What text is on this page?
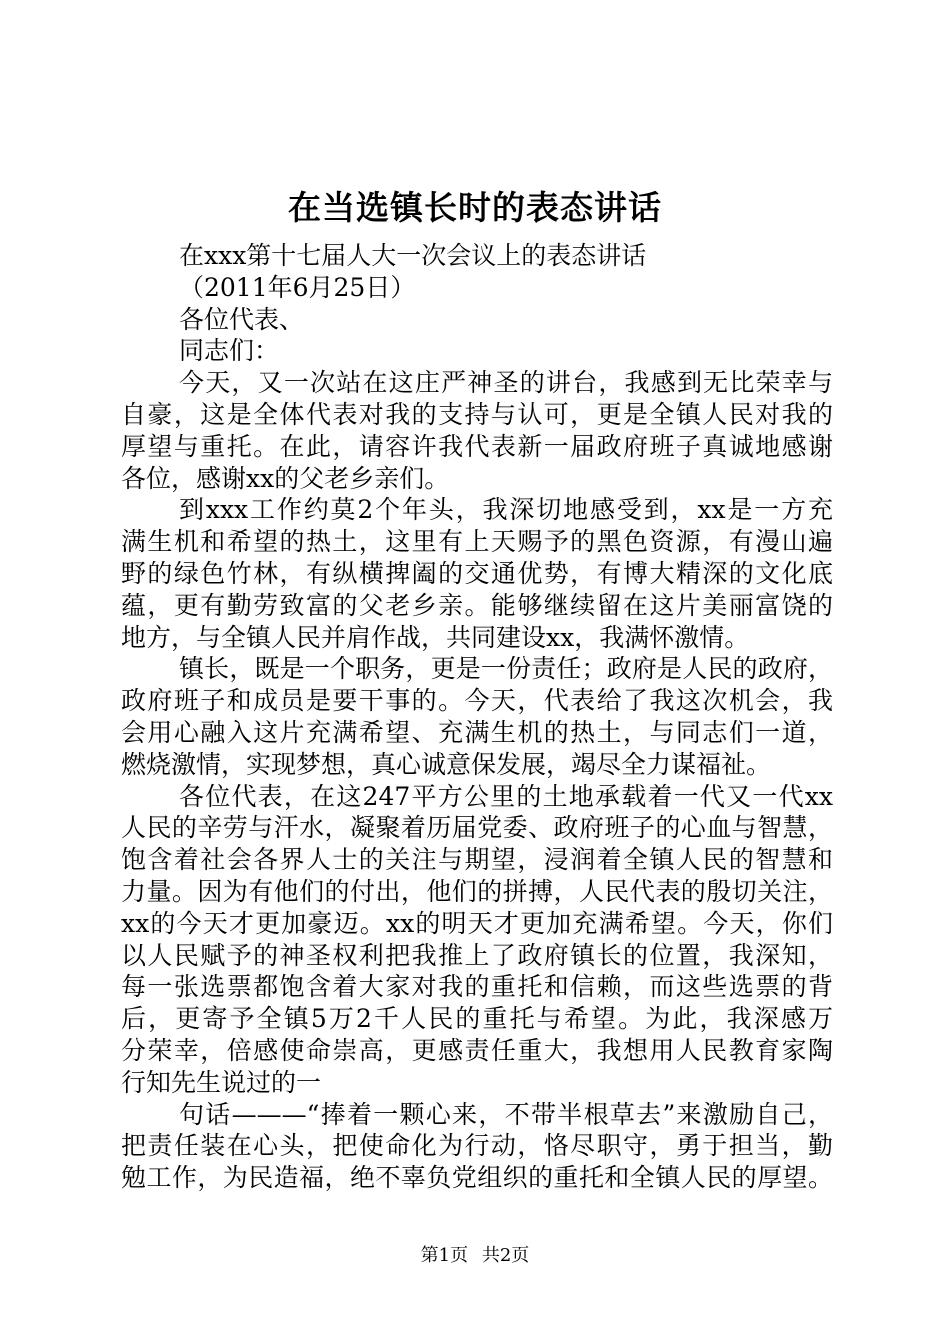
在当选镇长时的表态讲话
在xxx第十七届人大一次会议上的表态讲话
（2011年6月25日）
各位代表、
同志们：
今天，又一次站在这庄严神圣的讲台，我感到无比荣幸与
自豪，这是全体代表对我的支持与认可，更是全镇人民对我的
厚望与重托。在此，请容许我代表新一届政府班子真诚地感谢
各位，感谢xx的父老乡亲们。
到xxx工作约莫2个年头，我深切地感受到，xx是一方充
满生机和希望的热土，这里有上天赐予的黑色资源，有漫山遍
野的绿色竹林，有纵横捭阖的交通优势，有博大精深的文化底
蕴，更有勤劳致富的父老乡亲。能够继续留在这片美丽富饶的
地方，与全镇人民并肩作战，共同建设xx，我满怀激情。
镇长，既是一个职务，更是一份责任；政府是人民的政府，
政府班子和成员是要干事的。今天，代表给了我这次机会，我
会用心融入这片充满希望、充满生机的热土，与同志们一道，
燃烧激情，实现梦想，真心诚意保发展，竭尽全力谋福祉。
各位代表，在这247平方公里的土地承载着一代又一代xx
人民的辛劳与汗水，凝聚着历届党委、政府班子的心血与智慧，
饱含着社会各界人士的关注与期望，浸润着全镇人民的智慧和
力量。因为有他们的付出，他们的拼搏，人民代表的殷切关注，
xx的今天才更加豪迈。xx的明天才更加充满希望。今天，你们
以人民赋予的神圣权利把我推上了政府镇长的位置，我深知，
每一张选票都饱含着大家对我的重托和信赖，而这些选票的背
后，更寄予全镇5万2千人民的重托与希望。为此，我深感万
分荣幸，倍感使命崇高，更感责任重大，我想用人民教育家陶
行知先生说过的一
句话———“捧着一颗心来，不带半根草去”来激励自己，
把责任装在心头，把使命化为行动，恪尽职守，勇于担当，勤
勉工作，为民造福，绝不辜负党组织的重托和全镇人民的厚望。
第1页 共2页
